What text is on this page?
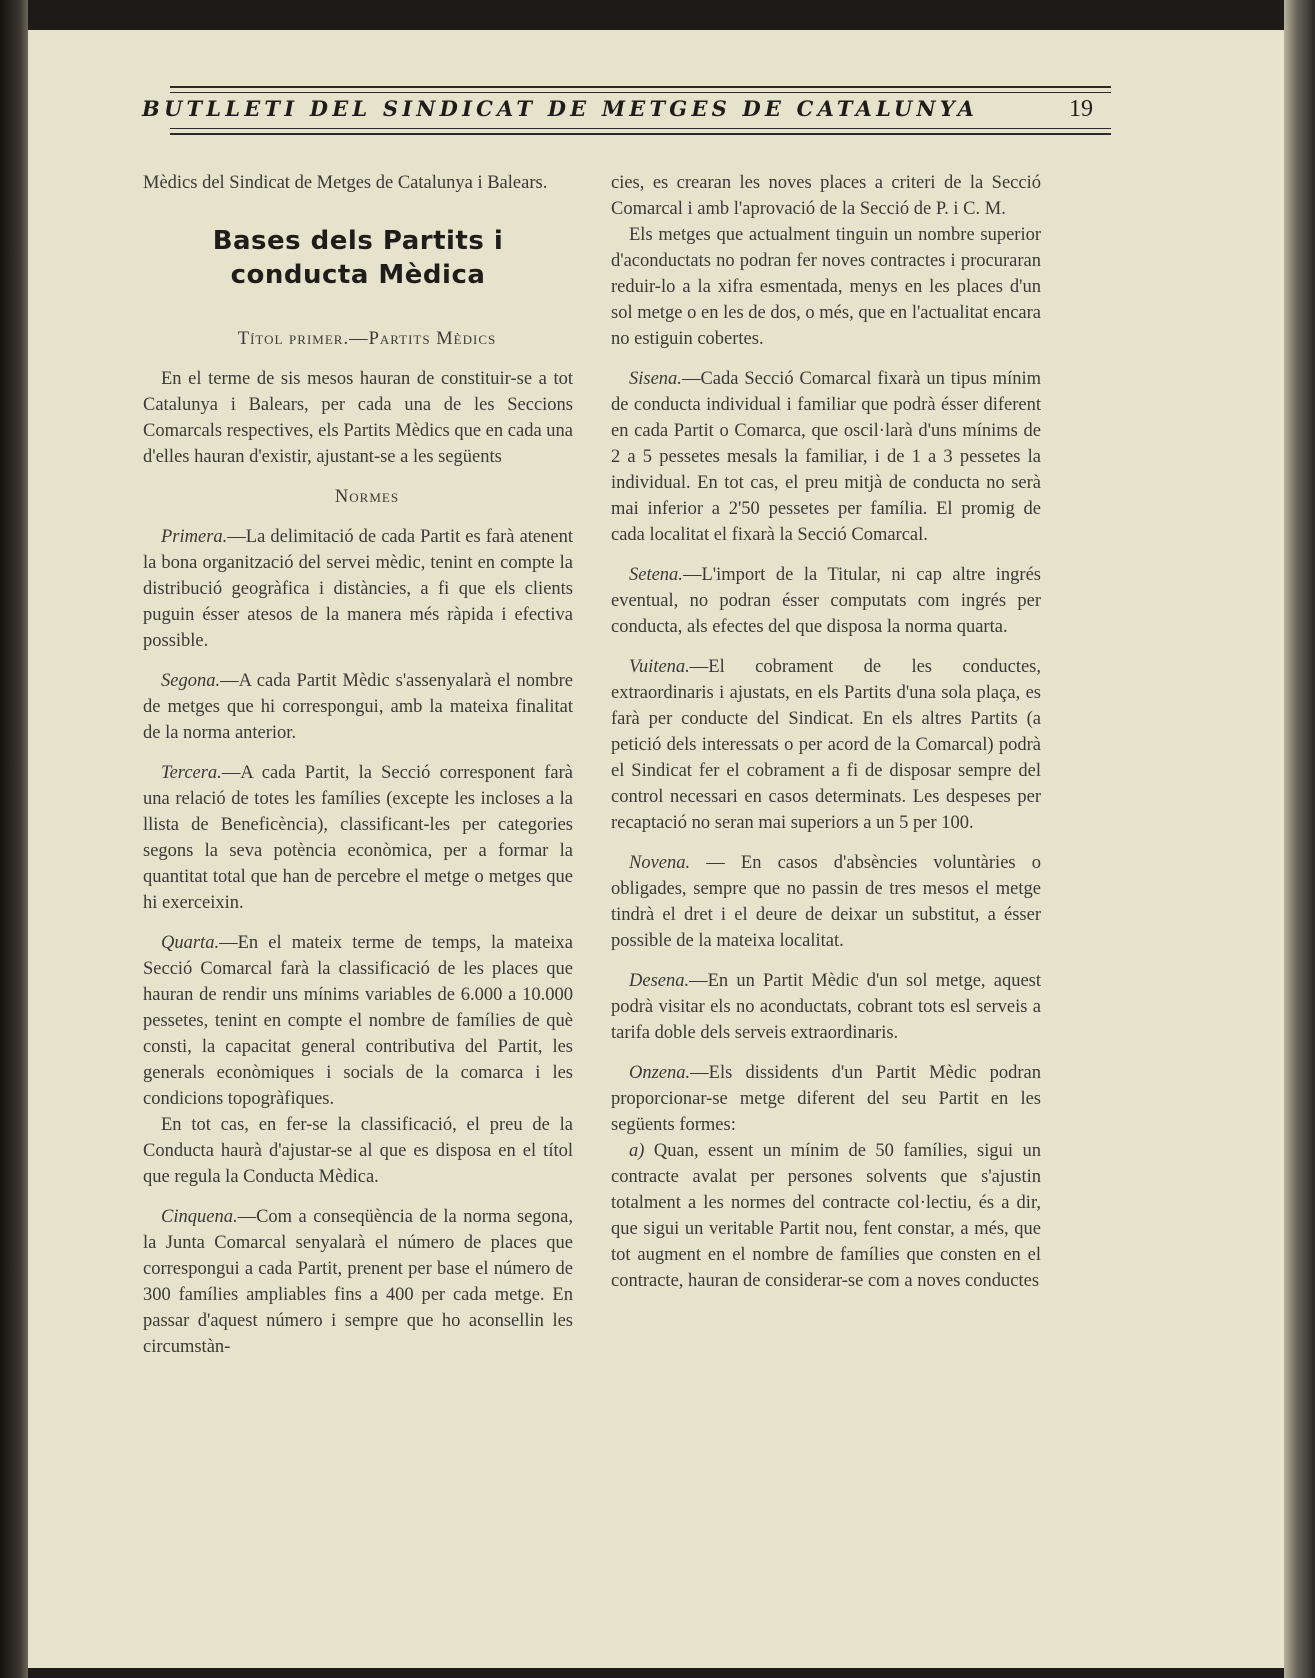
BUTLLETI DEL SINDICAT DE METGES DE CATALUNYA	19

Mèdics del Sindicat de Metges de Catalunya i Balears.

Bases dels Partits i conducta Mèdica

Títol primer.—Partits Mèdics

En el terme de sis mesos hauran de constituir-se a tot Catalunya i Balears, per cada una de les Seccions Comarcals respectives, els Partits Mèdics que en cada una d'elles hauran d'existir, ajustant-se a les següents

Normes

Primera.—La delimitació de cada Partit es farà atenent la bona organització del servei mèdic, tenint en compte la distribució geogràfica i distàncies, a fi que els clients puguin ésser atesos de la manera més ràpida i efectiva possible.

Segona.—A cada Partit Mèdic s'assenyalarà el nombre de metges que hi correspongui, amb la mateixa finalitat de la norma anterior.

Tercera.—A cada Partit, la Secció corresponent farà una relació de totes les famílies (excepte les incloses a la llista de Beneficència), classificant-les per categories segons la seva potència econòmica, per a formar la quantitat total que han de percebre el metge o metges que hi exerceixin.

Quarta.—En el mateix terme de temps, la mateixa Secció Comarcal farà la classificació de les places que hauran de rendir uns mínims variables de 6.000 a 10.000 pessetes, tenint en compte el nombre de famílies de què consti, la capacitat general contributiva del Partit, les generals econòmiques i socials de la comarca i les condicions topogràfiques.

En tot cas, en fer-se la classificació, el preu de la Conducta haurà d'ajustar-se al que es disposa en el títol que regula la Conducta Mèdica.

Cinquena.—Com a conseqüència de la norma segona, la Junta Comarcal senyalarà el número de places que correspongui a cada Partit, prenent per base el número de 300 famílies ampliables fins a 400 per cada metge. En passar d'aquest número i sempre que ho aconsellin les circumstàn-

cies, es crearan les noves places a criteri de la Secció Comarcal i amb l'aprovació de la Secció de P. i C. M.

Els metges que actualment tinguin un nombre superior d'aconductats no podran fer noves contractes i procuraran reduir-lo a la xifra esmentada, menys en les places d'un sol metge o en les de dos, o més, que en l'actualitat encara no estiguin cobertes.

Sisena.—Cada Secció Comarcal fixarà un tipus mínim de conducta individual i familiar que podrà ésser diferent en cada Partit o Comarca, que oscil·larà d'uns mínims de 2 a 5 pessetes mesals la familiar, i de 1 a 3 pessetes la individual. En tot cas, el preu mitjà de conducta no serà mai inferior a 2'50 pessetes per família. El promig de cada localitat el fixarà la Secció Comarcal.

Setena.—L'import de la Titular, ni cap altre ingrés eventual, no podran ésser computats com ingrés per conducta, als efectes del que disposa la norma quarta.

Vuitena.—El cobrament de les conductes, extraordinaris i ajustats, en els Partits d'una sola plaça, es farà per conducte del Sindicat. En els altres Partits (a petició dels interessats o per acord de la Comarcal) podrà el Sindicat fer el cobrament a fi de disposar sempre del control necessari en casos determinats. Les despeses per recaptació no seran mai superiors a un 5 per 100.

Novena. — En casos d'absències voluntàries o obligades, sempre que no passin de tres mesos el metge tindrà el dret i el deure de deixar un substitut, a ésser possible de la mateixa localitat.

Desena.—En un Partit Mèdic d'un sol metge, aquest podrà visitar els no aconductats, cobrant tots esl serveis a tarifa doble dels serveis extraordinaris.

Onzena.—Els dissidents d'un Partit Mèdic podran proporcionar-se metge diferent del seu Partit en les següents formes:

a) Quan, essent un mínim de 50 famílies, sigui un contracte avalat per persones solvents que s'ajustin totalment a les normes del contracte col·lectiu, és a dir, que sigui un veritable Partit nou, fent constar, a més, que tot augment en el nombre de famílies que consten en el contracte, hauran de considerar-se com a noves conductes
